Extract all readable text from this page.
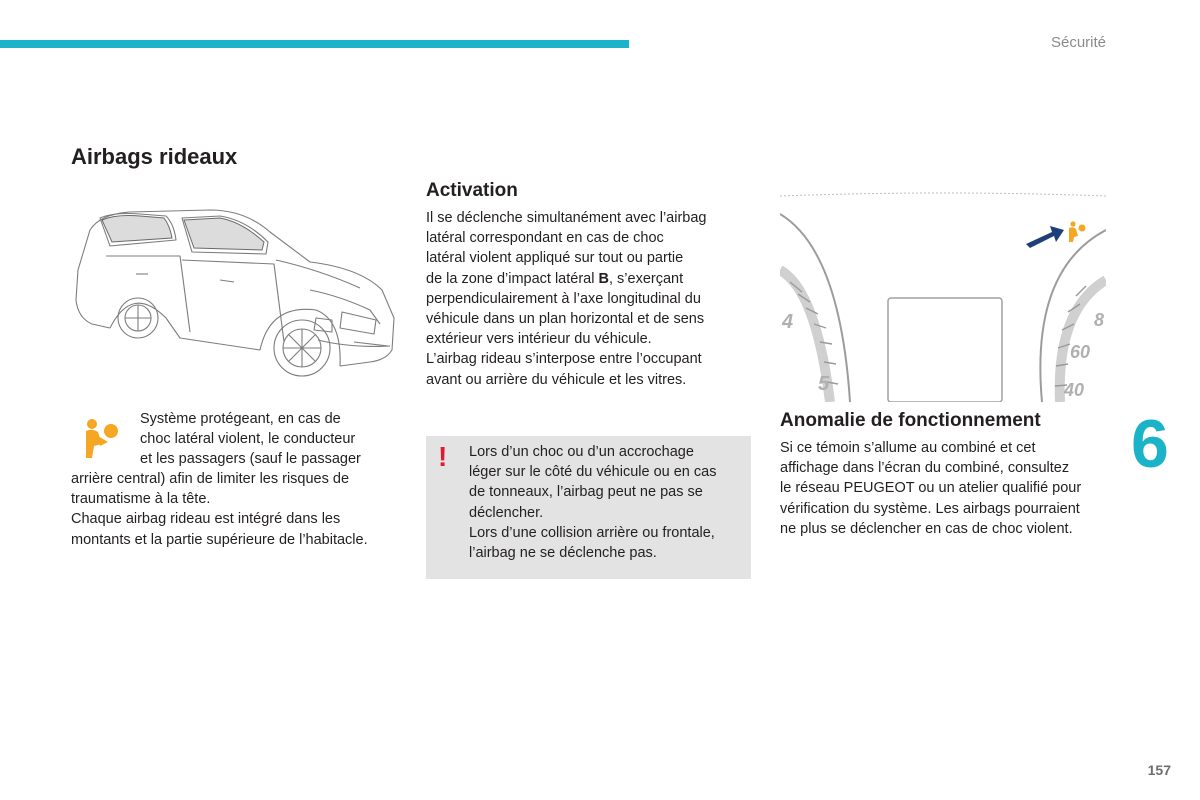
Sécurité
Airbags rideaux
Système protégeant, en cas de
choc latéral violent, le conducteur
et les passagers (sauf le passager
arrière central) afin de limiter les risques de
traumatisme à la tête.
Chaque airbag rideau est intégré dans les
montants et la partie supérieure de l’habitacle.
Activation
Il se déclenche simultanément avec l’airbag
latéral correspondant en cas de choc
latéral violent appliqué sur tout ou partie
de la zone d’impact latéral B, s’exerçant
perpendiculairement à l’axe longitudinal du
véhicule dans un plan horizontal et de sens
extérieur vers intérieur du véhicule.
L’airbag rideau s’interpose entre l’occupant
avant ou arrière du véhicule et les vitres.
! Lors d’un choc ou d’un accrochage
léger sur le côté du véhicule ou en cas
de tonneaux, l’airbag peut ne pas se
déclencher.
Lors d’une collision arrière ou frontale,
l’airbag ne se déclenche pas.
4
5
8
60
40
Anomalie de fonctionnement
Si ce témoin s’allume au combiné et cet
affichage dans l’écran du combiné, consultez
le réseau PEUGEOT ou un atelier qualifié pour
vérification du système. Les airbags pourraient
ne plus se déclencher en cas de choc violent.
6
157
